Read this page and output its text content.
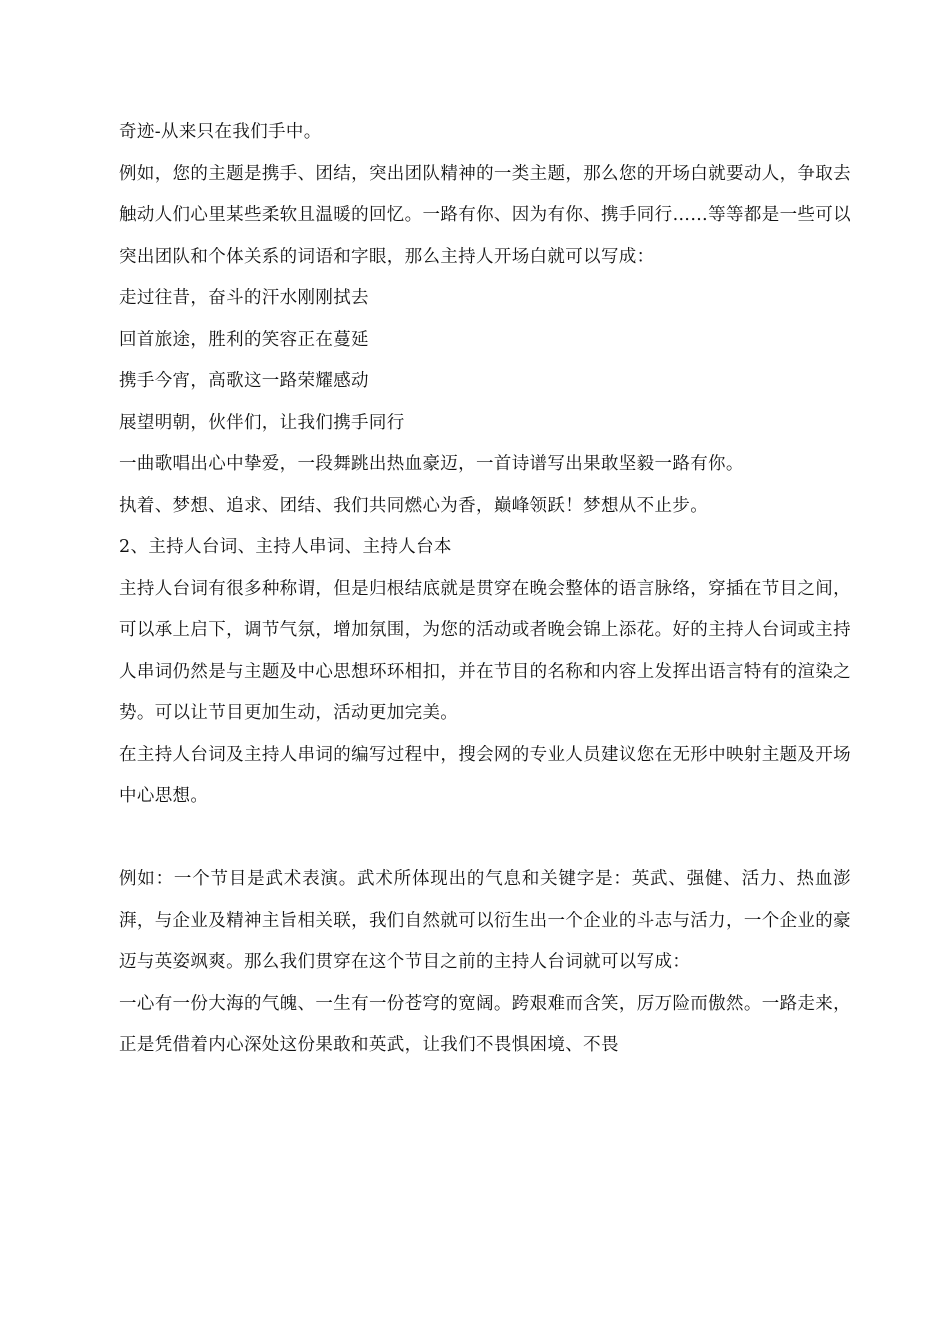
奇迹-从来只在我们手中。

例如，您的主题是携手、团结，突出团队精神的一类主题，那么您的开场白就要动人，争取去触动人们心里某些柔软且温暖的回忆。一路有你、因为有你、携手同行……等等都是一些可以突出团队和个体关系的词语和字眼，那么主持人开场白就可以写成：

走过往昔，奋斗的汗水刚刚拭去

回首旅途，胜利的笑容正在蔓延

携手今宵，高歌这一路荣耀感动

展望明朝，伙伴们，让我们携手同行

一曲歌唱出心中挚爱，一段舞跳出热血豪迈，一首诗谱写出果敢坚毅一路有你。

执着、梦想、追求、团结、我们共同燃心为香，巅峰领跃！梦想从不止步。

2、主持人台词、主持人串词、主持人台本

主持人台词有很多种称谓，但是归根结底就是贯穿在晚会整体的语言脉络，穿插在节目之间，可以承上启下，调节气氛，增加氛围，为您的活动或者晚会锦上添花。好的主持人台词或主持人串词仍然是与主题及中心思想环环相扣，并在节目的名称和内容上发挥出语言特有的渲染之势。可以让节目更加生动，活动更加完美。

在主持人台词及主持人串词的编写过程中，搜会网的专业人员建议您在无形中映射主题及开场中心思想。

例如：一个节目是武术表演。武术所体现出的气息和关键字是：英武、强健、活力、热血澎湃，与企业及精神主旨相关联，我们自然就可以衍生出一个企业的斗志与活力，一个企业的豪迈与英姿飒爽。那么我们贯穿在这个节目之前的主持人台词就可以写成：

一心有一份大海的气魄、一生有一份苍穹的宽阔。跨艰难而含笑，厉万险而傲然。一路走来，正是凭借着内心深处这份果敢和英武，让我们不畏惧困境、不畏
